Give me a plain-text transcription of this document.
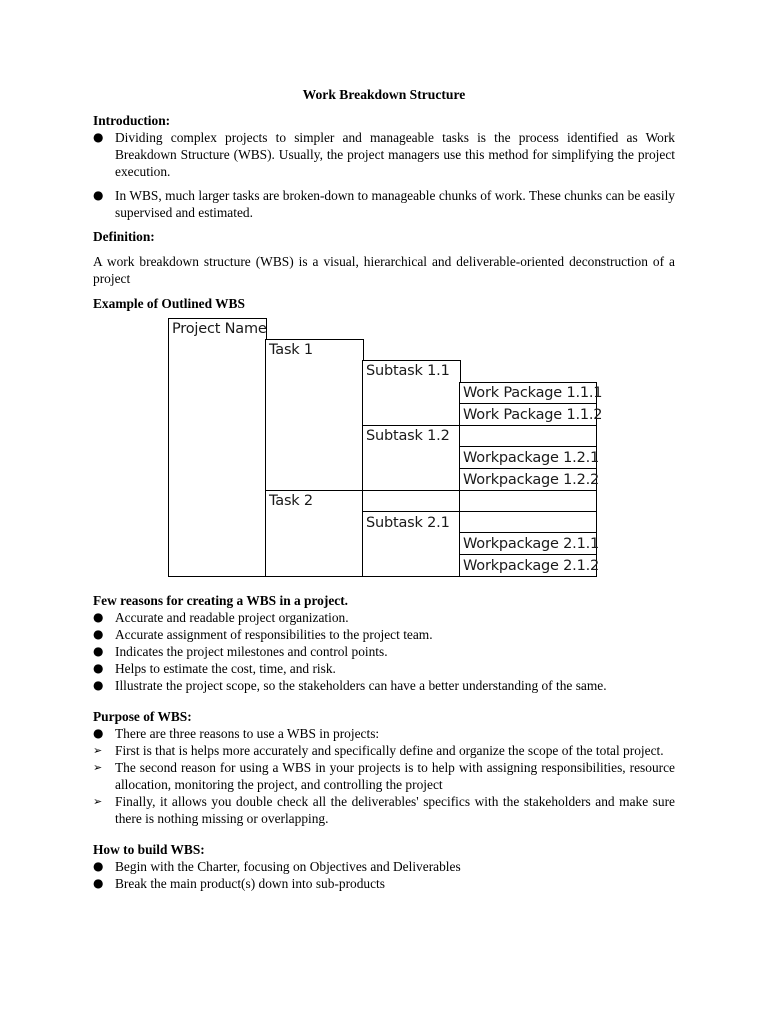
Work Breakdown Structure
Introduction:
●
Dividing complex projects to simpler and manageable tasks is the process identified as Work Breakdown Structure (WBS). Usually, the project managers use this method for simplifying the project execution.
●
In WBS, much larger tasks are broken-down to manageable chunks of work. These chunks can be easily supervised and estimated.
Definition:

A work breakdown structure (WBS) is a visual, hierarchical and deliverable-oriented deconstruction of a project

Example of Outlined WBS
Project Name
Task 1
Subtask 1.1
Work Package 1.1.1
Work Package 1.1.2
Subtask 1.2
Workpackage 1.2.1
Workpackage 1.2.2
Task 2
Subtask 2.1
Workpackage 2.1.1
Workpackage 2.1.2
Few reasons for creating a WBS in a project.
●
Accurate and readable project organization.
●
Accurate assignment of responsibilities to the project team.
●
Indicates the project milestones and control points.
●
Helps to estimate the cost, time, and risk.
●
Illustrate the project scope, so the stakeholders can have a better understanding of the same.
Purpose of WBS:
●
There are three reasons to use a WBS in projects:
➢
First is that is helps more accurately and specifically define and organize the scope of the total project.
➢
The second reason for using a WBS in your projects is to help with assigning responsibilities, resource allocation, monitoring the project, and controlling the project
➢
Finally, it allows you double check all the deliverables' specifics with the stakeholders and make sure there is nothing missing or overlapping.
How to build WBS:
●
Begin with the Charter, focusing on Objectives and Deliverables
●
Break the main product(s) down into sub-products
